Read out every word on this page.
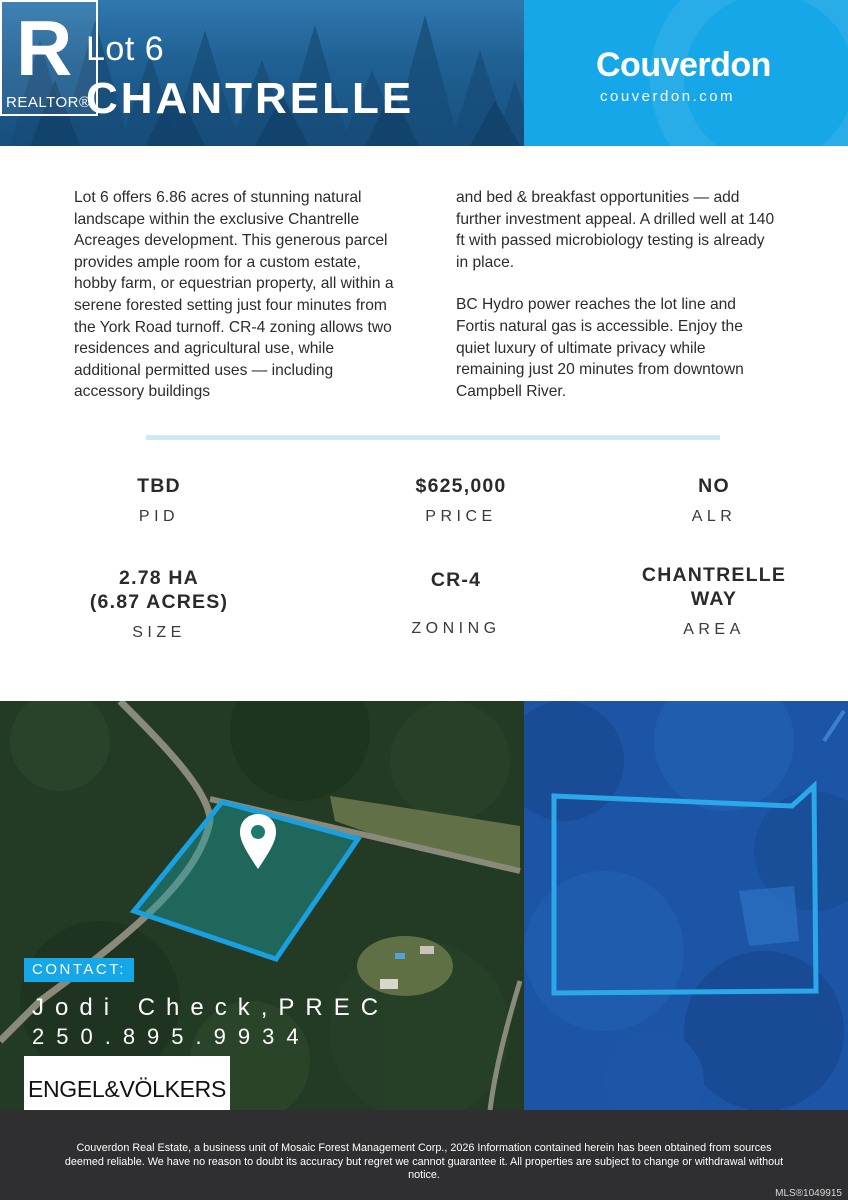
R
REALTOR®
Lot 6
CHANTRELLE
Couverdon
couverdon.com

Lot 6 offers 6.86 acres of stunning natural landscape within the exclusive Chantrelle Acreages development. This generous parcel provides ample room for a custom estate, hobby farm, or equestrian property, all within a serene forested setting just four minutes from the York Road turnoff. CR-4 zoning allows two residences and agricultural use, while additional permitted uses — including accessory buildings

and bed & breakfast opportunities — add further investment appeal. A drilled well at 140 ft with passed microbiology testing is already in place.

BC Hydro power reaches the lot line and Fortis natural gas is accessible. Enjoy the quiet luxury of ultimate privacy while remaining just 20 minutes from downtown Campbell River.

TBD
PID
$625,000
PRICE
NO
ALR
2.78 HA
(6.87 ACRES)
SIZE
CR-4
ZONING
CHANTRELLE
WAY
AREA
CONTACT:
Jodi Check,PREC
250.895.9934
ENGEL&VÖLKERS
Couverdon Real Estate, a business unit of Mosaic Forest Management Corp., 2026 Information contained herein has been obtained from sources deemed reliable. We have no reason to doubt its accuracy but regret we cannot guarantee it. All properties are subject to change or withdrawal without notice.
MLS®1049915
